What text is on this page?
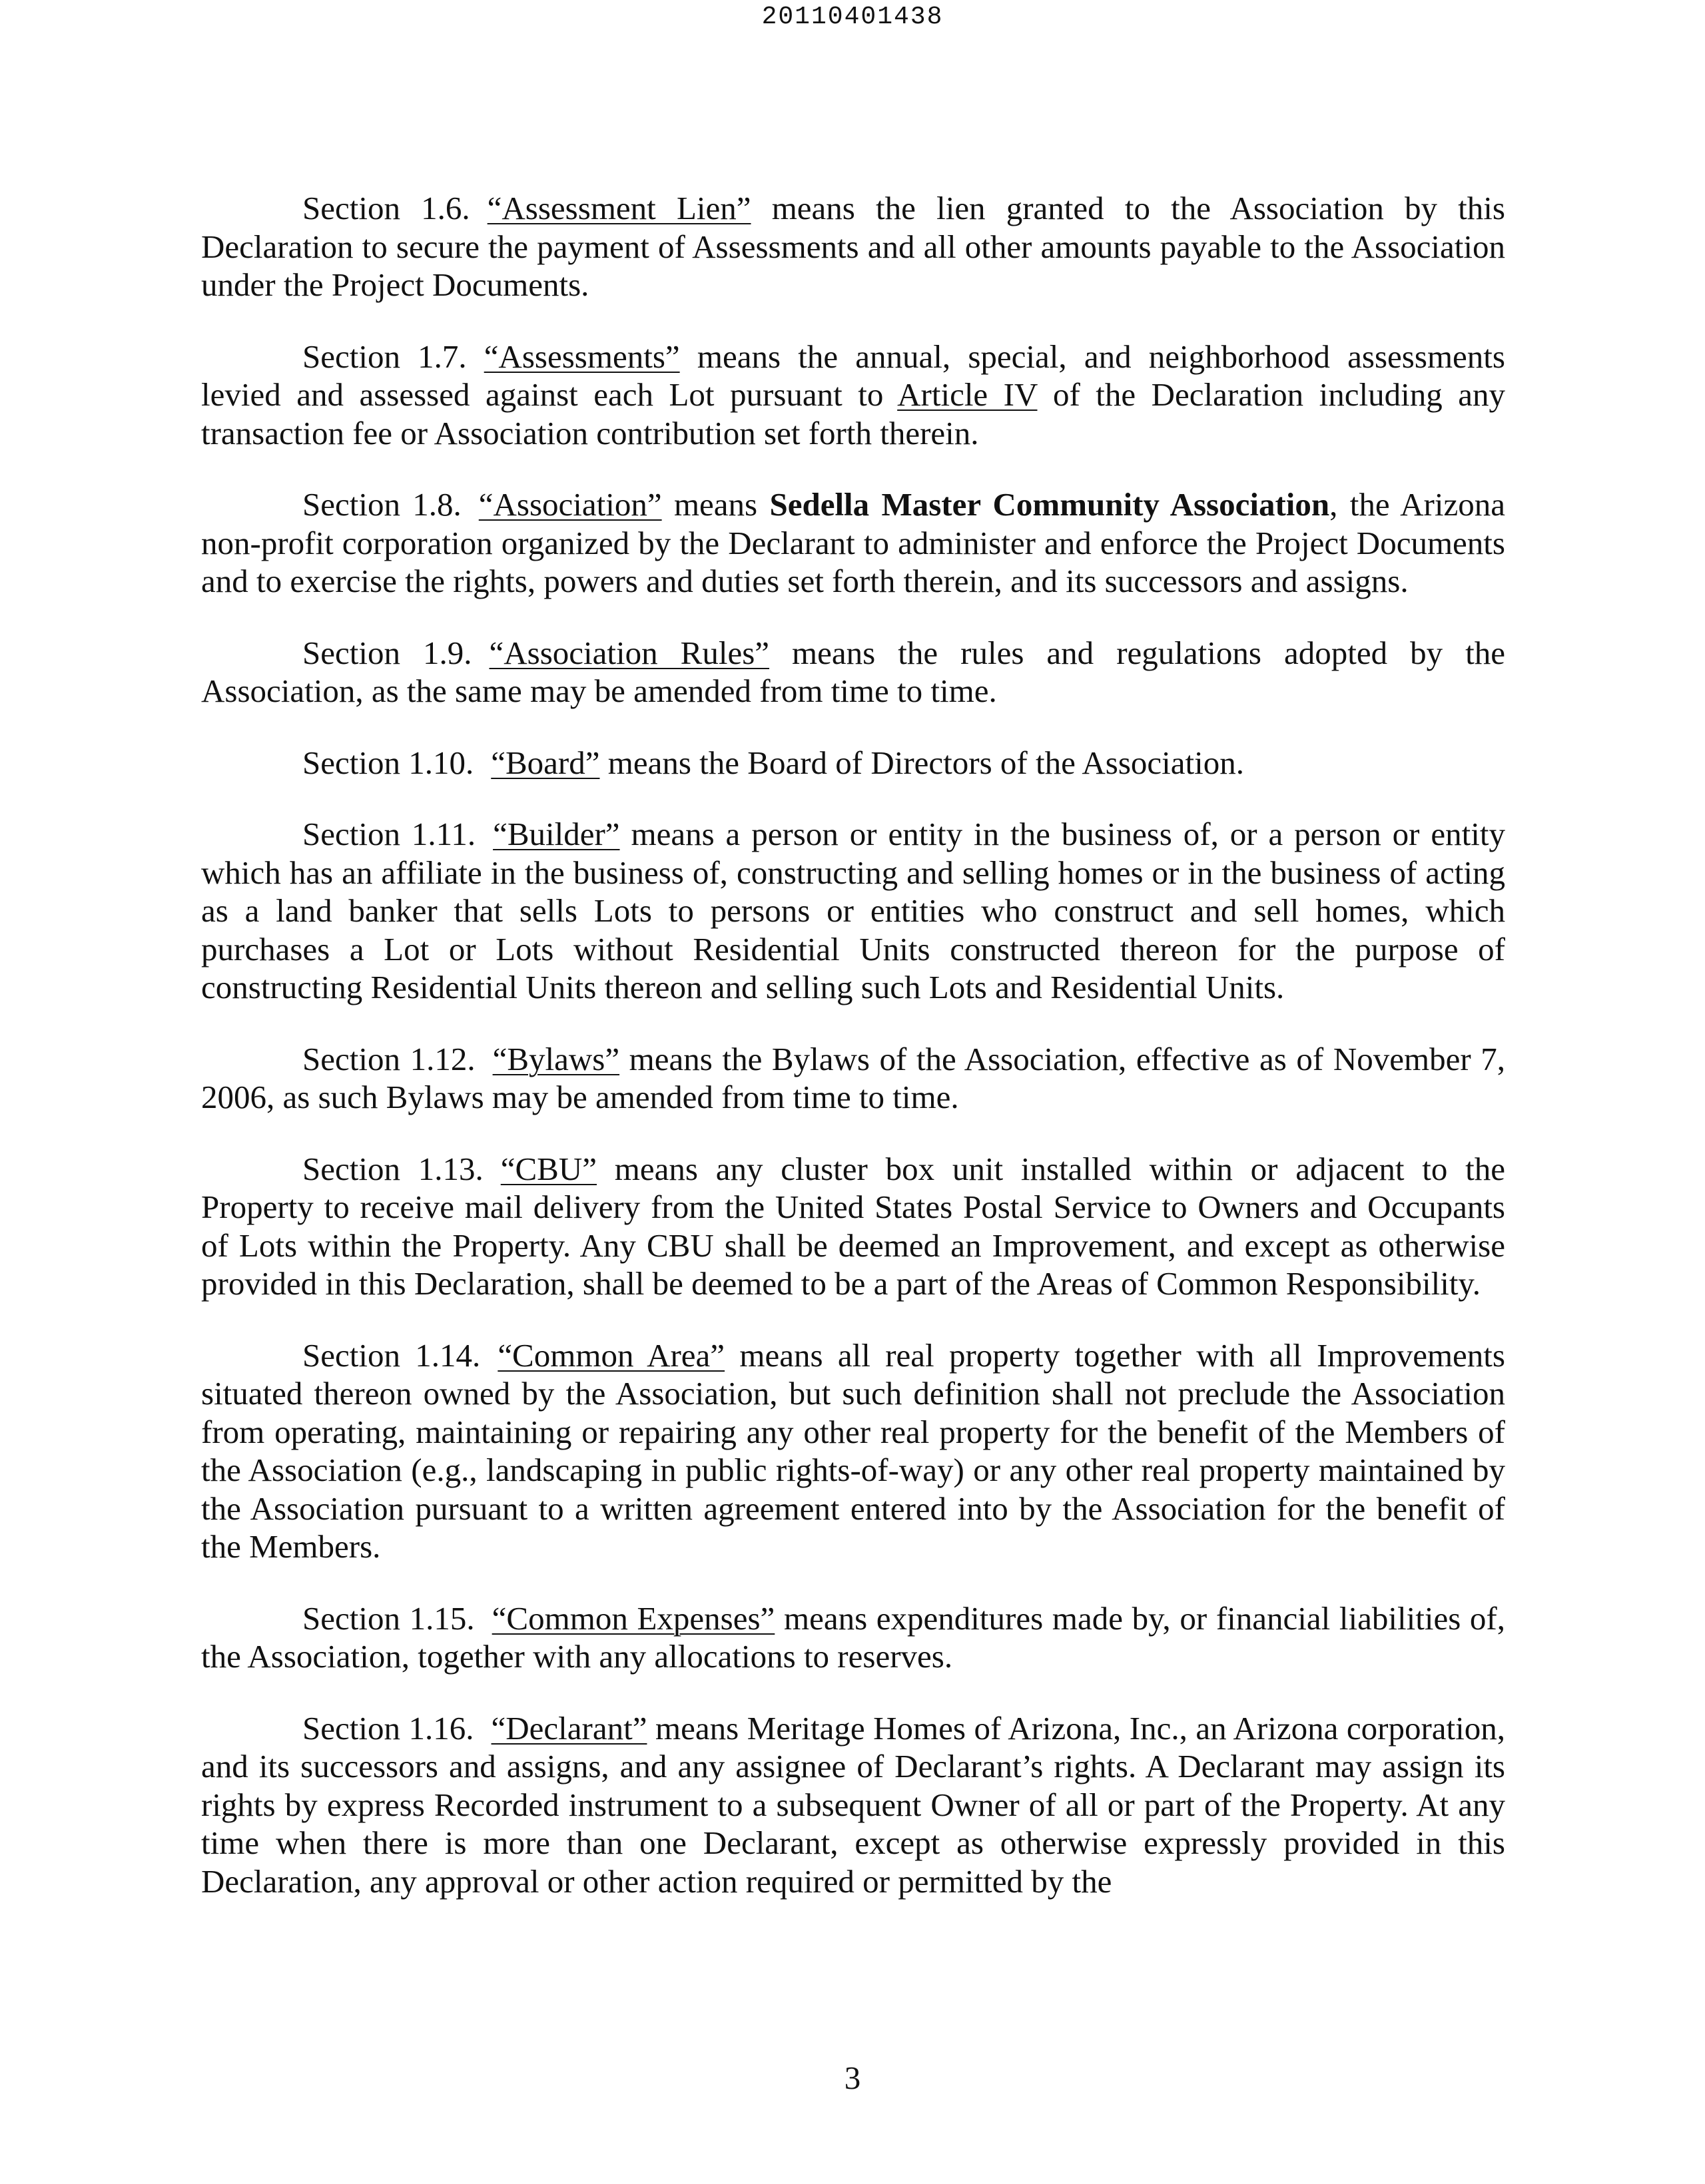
20110401438

Section 1.6. “Assessment Lien” means the lien granted to the Association by this Declaration to secure the payment of Assessments and all other amounts payable to the Association under the Project Documents.

Section 1.7. “Assessments” means the annual, special, and neighborhood assessments levied and assessed against each Lot pursuant to Article IV of the Declaration including any transaction fee or Association contribution set forth therein.

Section 1.8. “Association” means Sedella Master Community Association, the Arizona non-profit corporation organized by the Declarant to administer and enforce the Project Documents and to exercise the rights, powers and duties set forth therein, and its successors and assigns.

Section 1.9. “Association Rules” means the rules and regulations adopted by the Association, as the same may be amended from time to time.

Section 1.10. “Board” means the Board of Directors of the Association.

Section 1.11. “Builder” means a person or entity in the business of, or a person or entity which has an affiliate in the business of, constructing and selling homes or in the business of acting as a land banker that sells Lots to persons or entities who construct and sell homes, which purchases a Lot or Lots without Residential Units constructed thereon for the purpose of constructing Residential Units thereon and selling such Lots and Residential Units.

Section 1.12. “Bylaws” means the Bylaws of the Association, effective as of November 7, 2006, as such Bylaws may be amended from time to time.

Section 1.13. “CBU” means any cluster box unit installed within or adjacent to the Property to receive mail delivery from the United States Postal Service to Owners and Occupants of Lots within the Property. Any CBU shall be deemed an Improvement, and except as otherwise provided in this Declaration, shall be deemed to be a part of the Areas of Common Responsibility.

Section 1.14. “Common Area” means all real property together with all Improvements situated thereon owned by the Association, but such definition shall not preclude the Association from operating, maintaining or repairing any other real property for the benefit of the Members of the Association (e.g., landscaping in public rights-of-way) or any other real property maintained by the Association pursuant to a written agreement entered into by the Association for the benefit of the Members.

Section 1.15. “Common Expenses” means expenditures made by, or financial liabilities of, the Association, together with any allocations to reserves.

Section 1.16. “Declarant” means Meritage Homes of Arizona, Inc., an Arizona corporation, and its successors and assigns, and any assignee of Declarant’s rights. A Declarant may assign its rights by express Recorded instrument to a subsequent Owner of all or part of the Property. At any time when there is more than one Declarant, except as otherwise expressly provided in this Declaration, any approval or other action required or permitted by the

3
